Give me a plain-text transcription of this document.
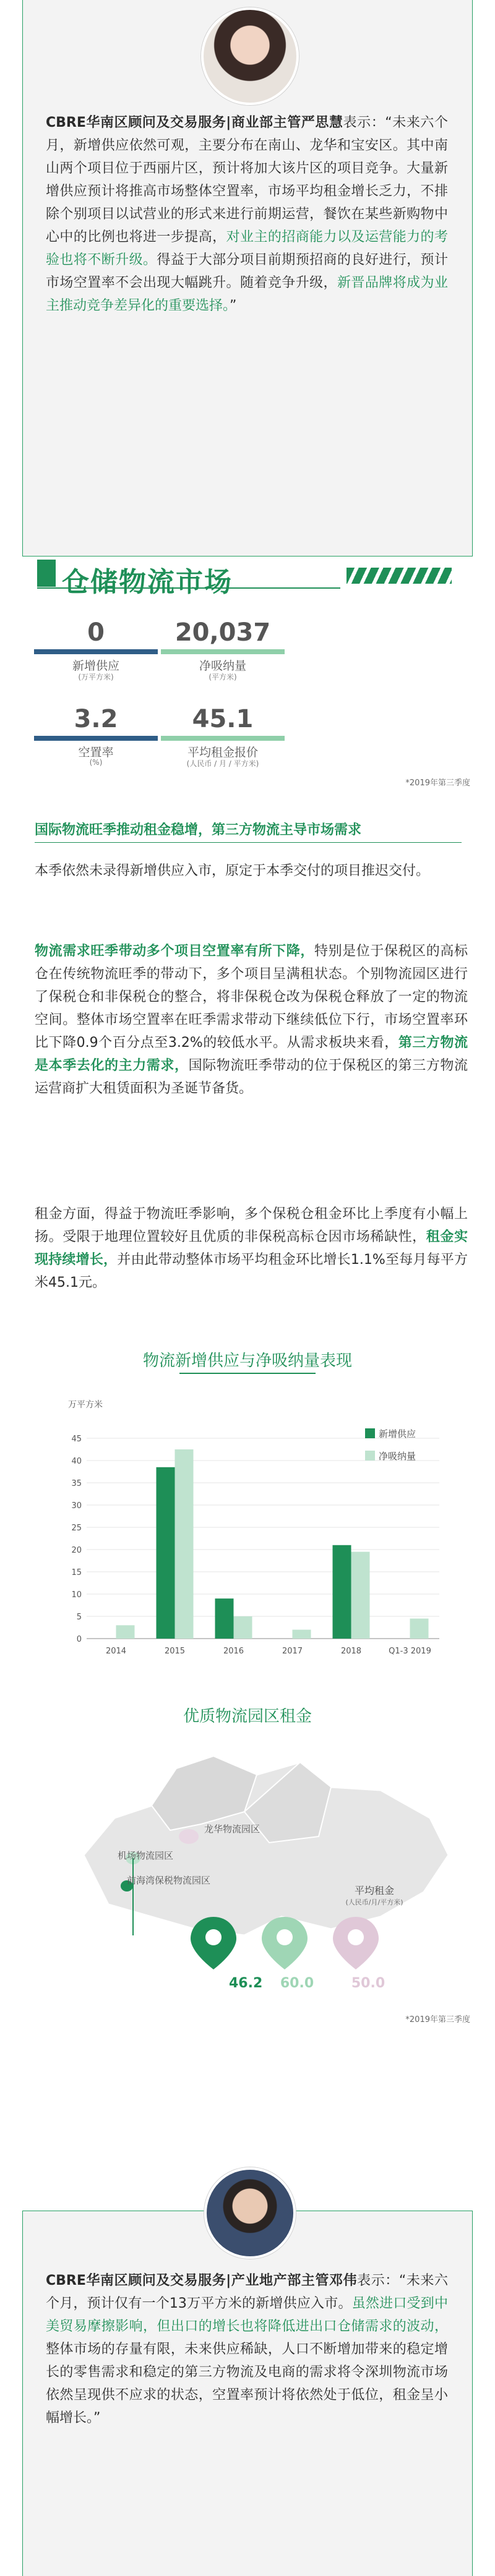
CBRE华南区顾问及交易服务|商业部主管严思慧表示：“未来六个月，新增供应依然可观，主要分布在南山、龙华和宝安区。其中南山两个项目位于西丽片区，预计将加大该片区的项目竞争。大量新增供应预计将推高市场整体空置率，市场平均租金增长乏力，不排除个别项目以试营业的形式来进行前期运营，餐饮在某些新购物中心中的比例也将进一步提高，对业主的招商能力以及运营能力的考验也将不断升级。得益于大部分项目前期预招商的良好进行，预计市场空置率不会出现大幅跳升。随着竞争升级，新晋品牌将成为业主推动竞争差异化的重要选择。”
仓储物流市场
0
新增供应
(万平方米)
20,037
净吸纳量
(平方米)
3.2
空置率
(%)
45.1
平均租金报价
(人民币 / 月 / 平方米)
*2019年第三季度
国际物流旺季推动租金稳增，第三方物流主导市场需求
本季依然未录得新增供应入市，原定于本季交付的项目推迟交付。
物流需求旺季带动多个项目空置率有所下降，特别是位于保税区的高标仓在传统物流旺季的带动下，多个项目呈满租状态。个别物流园区进行了保税仓和非保税仓的整合，将非保税仓改为保税仓释放了一定的物流空间。整体市场空置率在旺季需求带动下继续低位下行，市场空置率环比下降0.9个百分点至3.2%的较低水平。从需求板块来看，第三方物流是本季去化的主力需求，国际物流旺季带动的位于保税区的第三方物流运营商扩大租赁面积为圣诞节备货。
租金方面，得益于物流旺季影响，多个保税仓租金环比上季度有小幅上扬。受限于地理位置较好且优质的非保税高标仓因市场稀缺性，租金实现持续增长，并由此带动整体市场平均租金环比增长1.1%至每月每平方米45.1元。
物流新增供应与净吸纳量表现
万平方米
0
5
10
15
20
25
30
35
40
45
2014	2015	2016	2017	2018	Q1-3 2019
新增供应
净吸纳量
优质物流园区租金
龙华物流园区
机场物流园区
前海湾保税物流园区
平均租金
(人民币/月/平方米)
46.2	60.0	50.0
*2019年第三季度
CBRE华南区顾问及交易服务|产业地产部主管邓伟表示：“未来六个月，预计仅有一个13万平方米的新增供应入市。虽然进口受到中美贸易摩擦影响，但出口的增长也将降低进出口仓储需求的波动，整体市场的存量有限，未来供应稀缺，人口不断增加带来的稳定增长的零售需求和稳定的第三方物流及电商的需求将令深圳物流市场依然呈现供不应求的状态，空置率预计将依然处于低位，租金呈小幅增长。”
